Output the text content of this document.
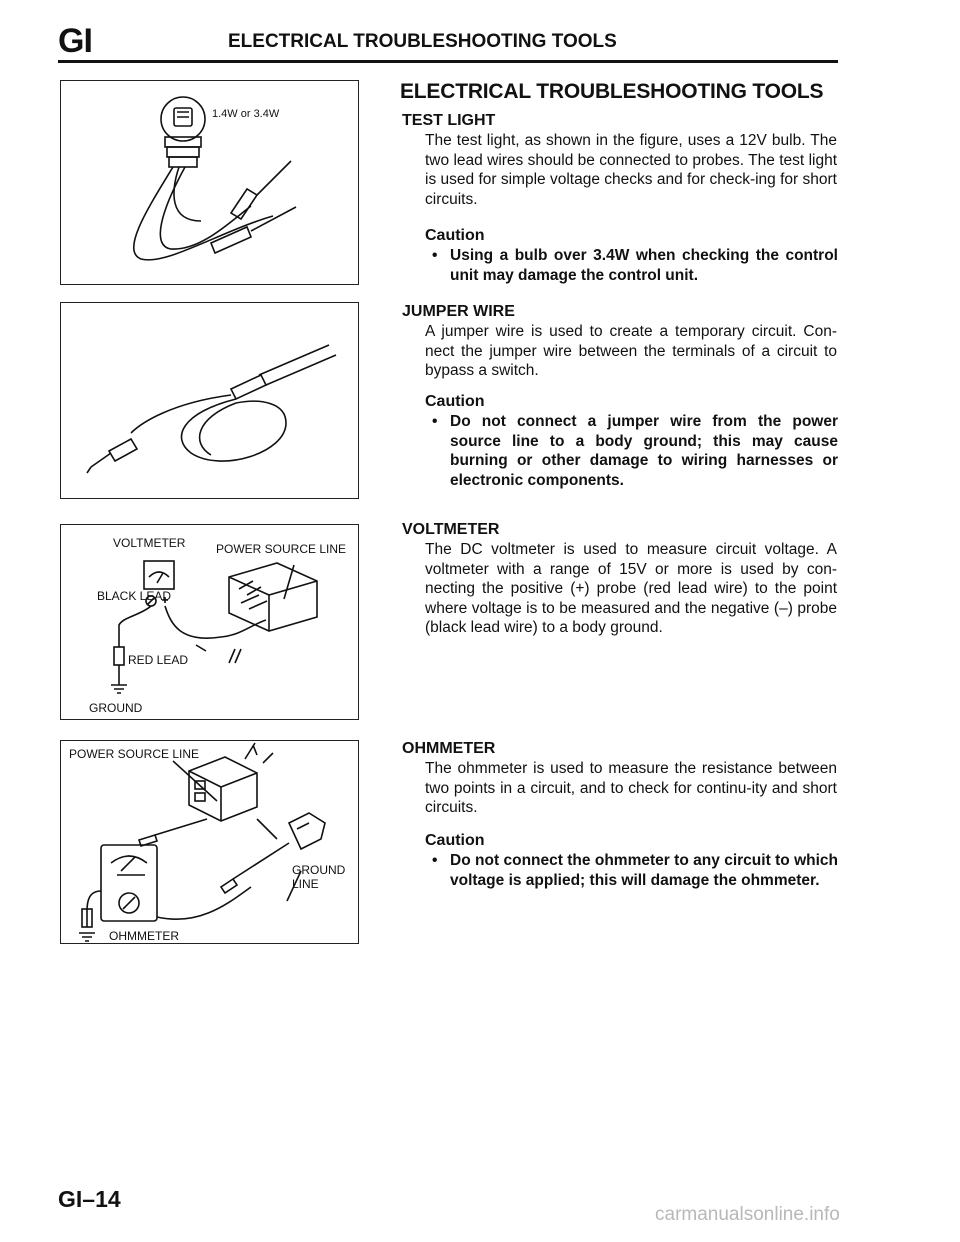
GI	ELECTRICAL TROUBLESHOOTING TOOLS
1.4W or 3.4W
VOLTMETER	POWER SOURCE LINE
BLACK LEAD
RED LEAD
GROUND
POWER SOURCE LINE
GROUND
LINE
OHMMETER
ELECTRICAL TROUBLESHOOTING TOOLS
TEST LIGHT
The test light, as shown in the figure, uses a 12V bulb. The two lead wires should be connected to probes. The test light is used for simple voltage checks and for check-ing for short circuits.
Caution
• Using a bulb over 3.4W when checking the control unit may damage the control unit.
JUMPER WIRE
A jumper wire is used to create a temporary circuit. Con-nect the jumper wire between the terminals of a circuit to bypass a switch.
Caution
• Do not connect a jumper wire from the power source line to a body ground; this may cause burning or other damage to wiring harnesses or electronic components.
VOLTMETER
The DC voltmeter is used to measure circuit voltage. A voltmeter with a range of 15V or more is used by con-necting the positive (+) probe (red lead wire) to the point where voltage is to be measured and the negative (–) probe (black lead wire) to a body ground.
OHMMETER
The ohmmeter is used to measure the resistance between two points in a circuit, and to check for continu-ity and short circuits.
Caution
• Do not connect the ohmmeter to any circuit to which voltage is applied; this will damage the ohmmeter.
GI–14
carmanualsonline.info
